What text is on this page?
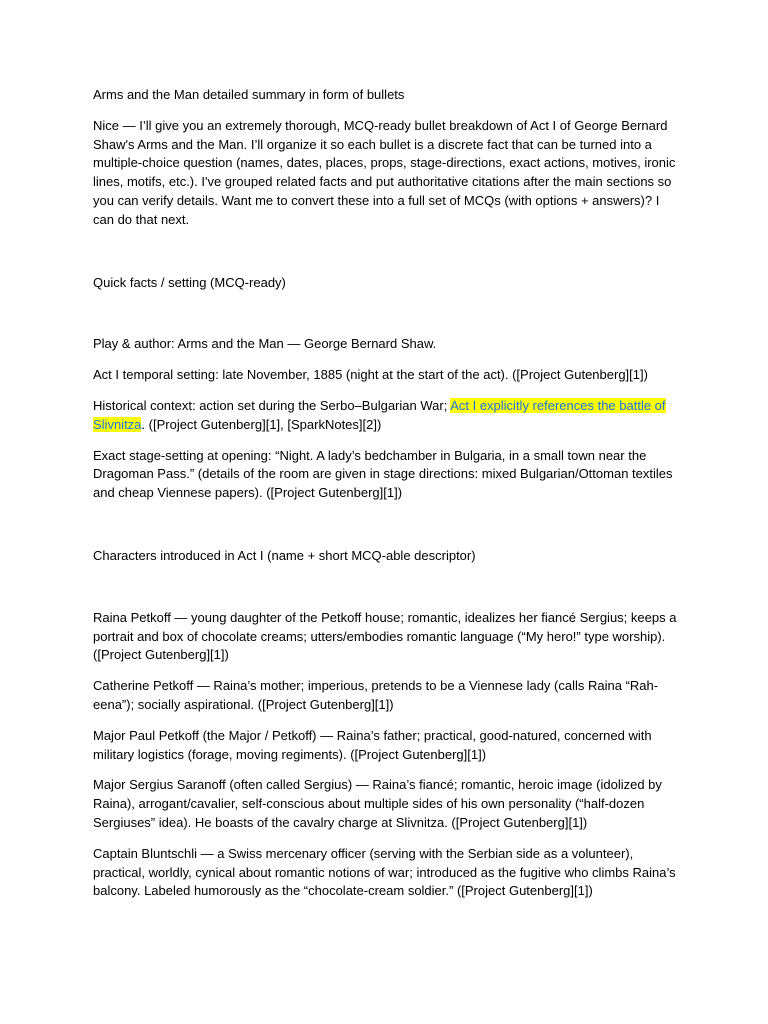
Arms and the Man detailed summary in form of bullets

Nice — I’ll give you an extremely thorough, MCQ-ready bullet breakdown of Act I of George Bernard Shaw's Arms and the Man. I’ll organize it so each bullet is a discrete fact that can be turned into a multiple-choice question (names, dates, places, props, stage-directions, exact actions, motives, ironic lines, motifs, etc.). I've grouped related facts and put authoritative citations after the main sections so you can verify details. Want me to convert these into a full set of MCQs (with options + answers)? I can do that next.

Quick facts / setting (MCQ-ready)

Play & author: Arms and the Man — George Bernard Shaw.

Act I temporal setting: late November, 1885 (night at the start of the act). ([Project Gutenberg][1])

Historical context: action set during the Serbo–Bulgarian War; Act I explicitly references the battle of Slivnitza. ([Project Gutenberg][1], [SparkNotes][2])

Exact stage-setting at opening: “Night. A lady’s bedchamber in Bulgaria, in a small town near the Dragoman Pass.” (details of the room are given in stage directions: mixed Bulgarian/Ottoman textiles and cheap Viennese papers). ([Project Gutenberg][1])

Characters introduced in Act I (name + short MCQ-able descriptor)

Raina Petkoff — young daughter of the Petkoff house; romantic, idealizes her fiancé Sergius; keeps a portrait and box of chocolate creams; utters/embodies romantic language (“My hero!” type worship). ([Project Gutenberg][1])

Catherine Petkoff — Raina’s mother; imperious, pretends to be a Viennese lady (calls Raina “Rah-eena”); socially aspirational. ([Project Gutenberg][1])

Major Paul Petkoff (the Major / Petkoff) — Raina’s father; practical, good-natured, concerned with military logistics (forage, moving regiments). ([Project Gutenberg][1])

Major Sergius Saranoff (often called Sergius) — Raina’s fiancé; romantic, heroic image (idolized by Raina), arrogant/cavalier, self-conscious about multiple sides of his own personality (“half-dozen Sergiuses” idea). He boasts of the cavalry charge at Slivnitza. ([Project Gutenberg][1])

Captain Bluntschli — a Swiss mercenary officer (serving with the Serbian side as a volunteer), practical, worldly, cynical about romantic notions of war; introduced as the fugitive who climbs Raina’s balcony. Labeled humorously as the “chocolate-cream soldier.” ([Project Gutenberg][1])
